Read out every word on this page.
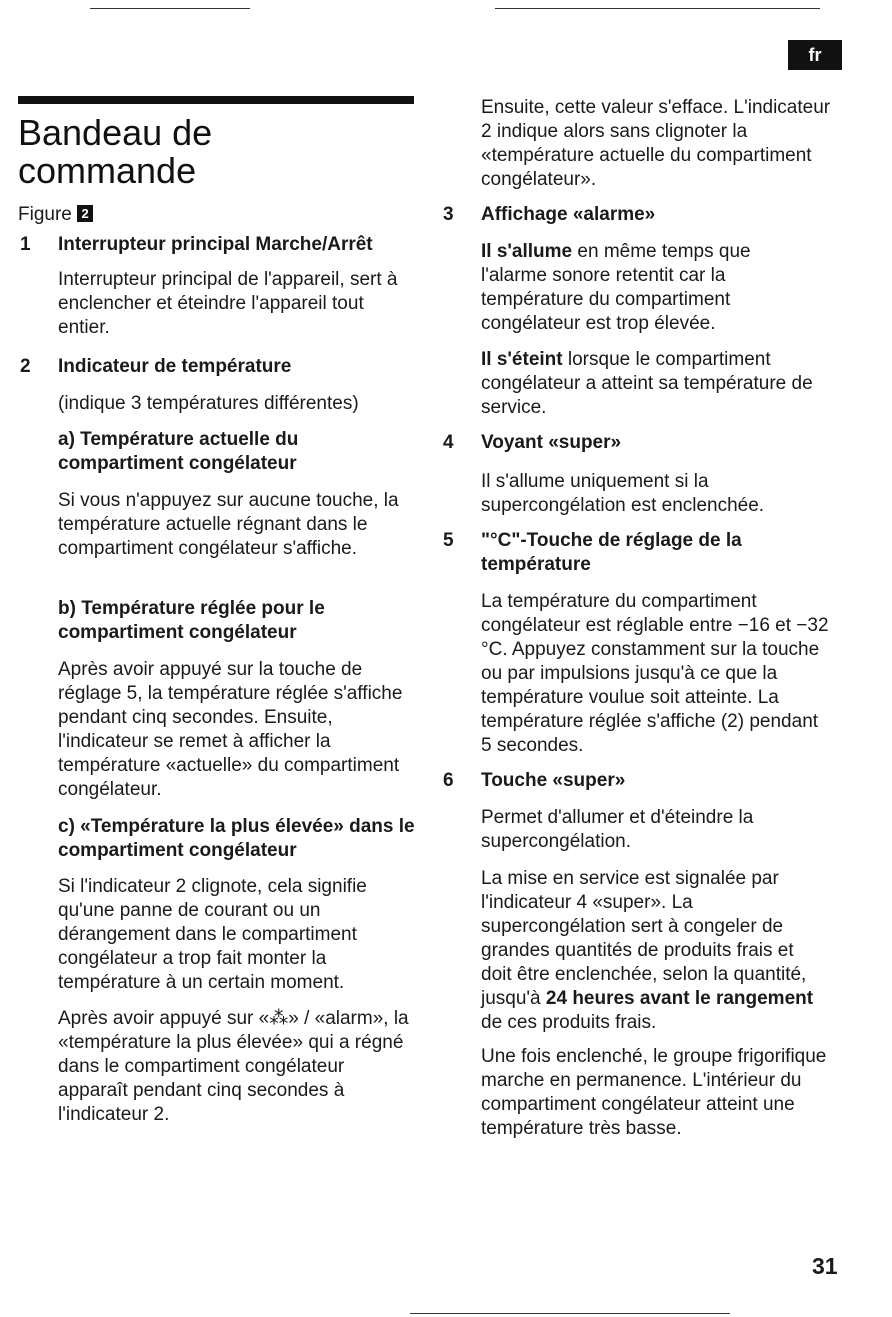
fr
Bandeau de
commande
Figure 2
1 Interrupteur principal Marche/Arrêt

Interrupteur principal de l'appareil, sert à enclencher et éteindre l'appareil tout entier.

2 Indicateur de température

(indique 3 températures différentes)

a) Température actuelle du compartiment congélateur

Si vous n'appuyez sur aucune touche, la température actuelle régnant dans le compartiment congélateur s'affiche.

b) Température réglée pour le compartiment congélateur

Après avoir appuyé sur la touche de réglage 5, la température réglée s'affiche pendant cinq secondes. Ensuite, l'indicateur se remet à afficher la température «actuelle» du compartiment congélateur.

c) «Température la plus élevée» dans le compartiment congélateur

Si l'indicateur 2 clignote, cela signifie qu'une panne de courant ou un dérangement dans le compartiment congélateur a trop fait monter la température à un certain moment.

Après avoir appuyé sur «⁂» / «alarm», la «température la plus élevée» qui a régné dans le compartiment congélateur apparaît pendant cinq secondes à l'indicateur 2.

Ensuite, cette valeur s'efface. L'indicateur 2 indique alors sans clignoter la «température actuelle du compartiment congélateur».

3 Affichage «alarme»

Il s'allume en même temps que l'alarme sonore retentit car la température du compartiment congélateur est trop élevée.

Il s'éteint lorsque le compartiment congélateur a atteint sa température de service.

4 Voyant «super»

Il s'allume uniquement si la supercongélation est enclenchée.

5 "°C"-Touche de réglage de la température

La température du compartiment congélateur est réglable entre −16 et −32 °C. Appuyez constamment sur la touche ou par impulsions jusqu'à ce que la température voulue soit atteinte. La température réglée s'affiche (2) pendant 5 secondes.

6 Touche «super»

Permet d'allumer et d'éteindre la supercongélation.

La mise en service est signalée par l'indicateur 4 «super». La supercongélation sert à congeler de grandes quantités de produits frais et doit être enclenchée, selon la quantité, jusqu'à 24 heures avant le rangement de ces produits frais.

Une fois enclenché, le groupe frigorifique marche en permanence. L'intérieur du compartiment congélateur atteint une température très basse.

31
